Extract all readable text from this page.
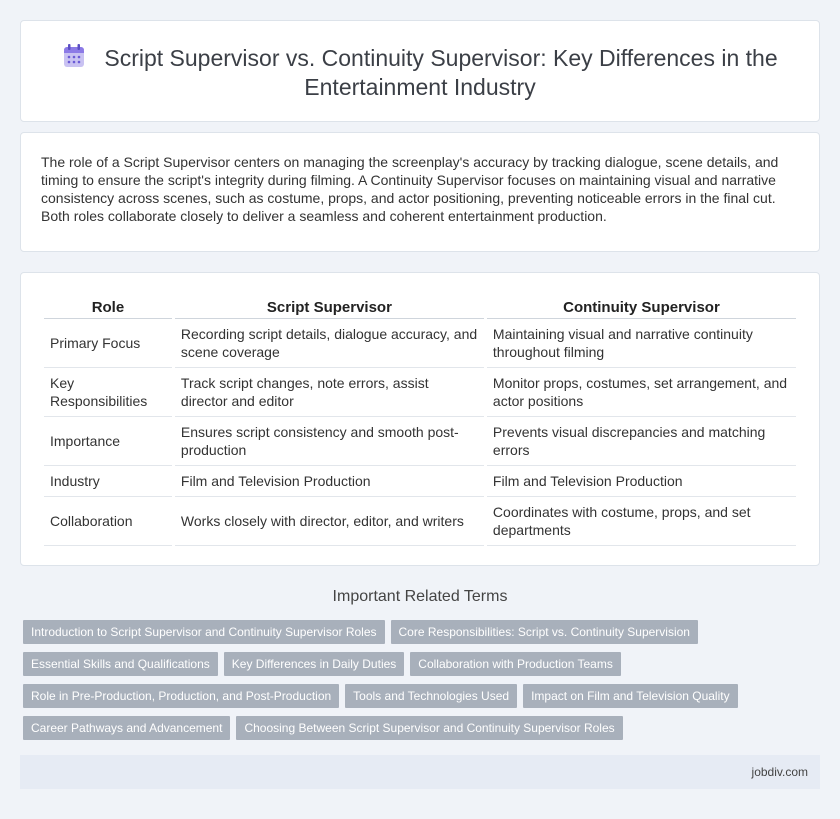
Script Supervisor vs. Continuity Supervisor: Key Differences in the Entertainment Industry

The role of a Script Supervisor centers on managing the screenplay's accuracy by tracking dialogue, scene details, and timing to ensure the script's integrity during filming. A Continuity Supervisor focuses on maintaining visual and narrative consistency across scenes, such as costume, props, and actor positioning, preventing noticeable errors in the final cut. Both roles collaborate closely to deliver a seamless and coherent entertainment production.

Role	Script Supervisor	Continuity Supervisor
Primary Focus	Recording script details, dialogue accuracy, and scene coverage	Maintaining visual and narrative continuity throughout filming
Key Responsibilities	Track script changes, note errors, assist director and editor	Monitor props, costumes, set arrangement, and actor positions
Importance	Ensures script consistency and smooth post-production	Prevents visual discrepancies and matching errors
Industry	Film and Television Production	Film and Television Production
Collaboration	Works closely with director, editor, and writers	Coordinates with costume, props, and set departments
Important Related Terms
Introduction to Script Supervisor and Continuity Supervisor Roles Core Responsibilities: Script vs. Continuity Supervision
Essential Skills and Qualifications Key Differences in Daily Duties Collaboration with Production Teams
Role in Pre-Production, Production, and Post-Production Tools and Technologies Used Impact on Film and Television Quality
Career Pathways and Advancement Choosing Between Script Supervisor and Continuity Supervisor Roles
jobdiv.com
